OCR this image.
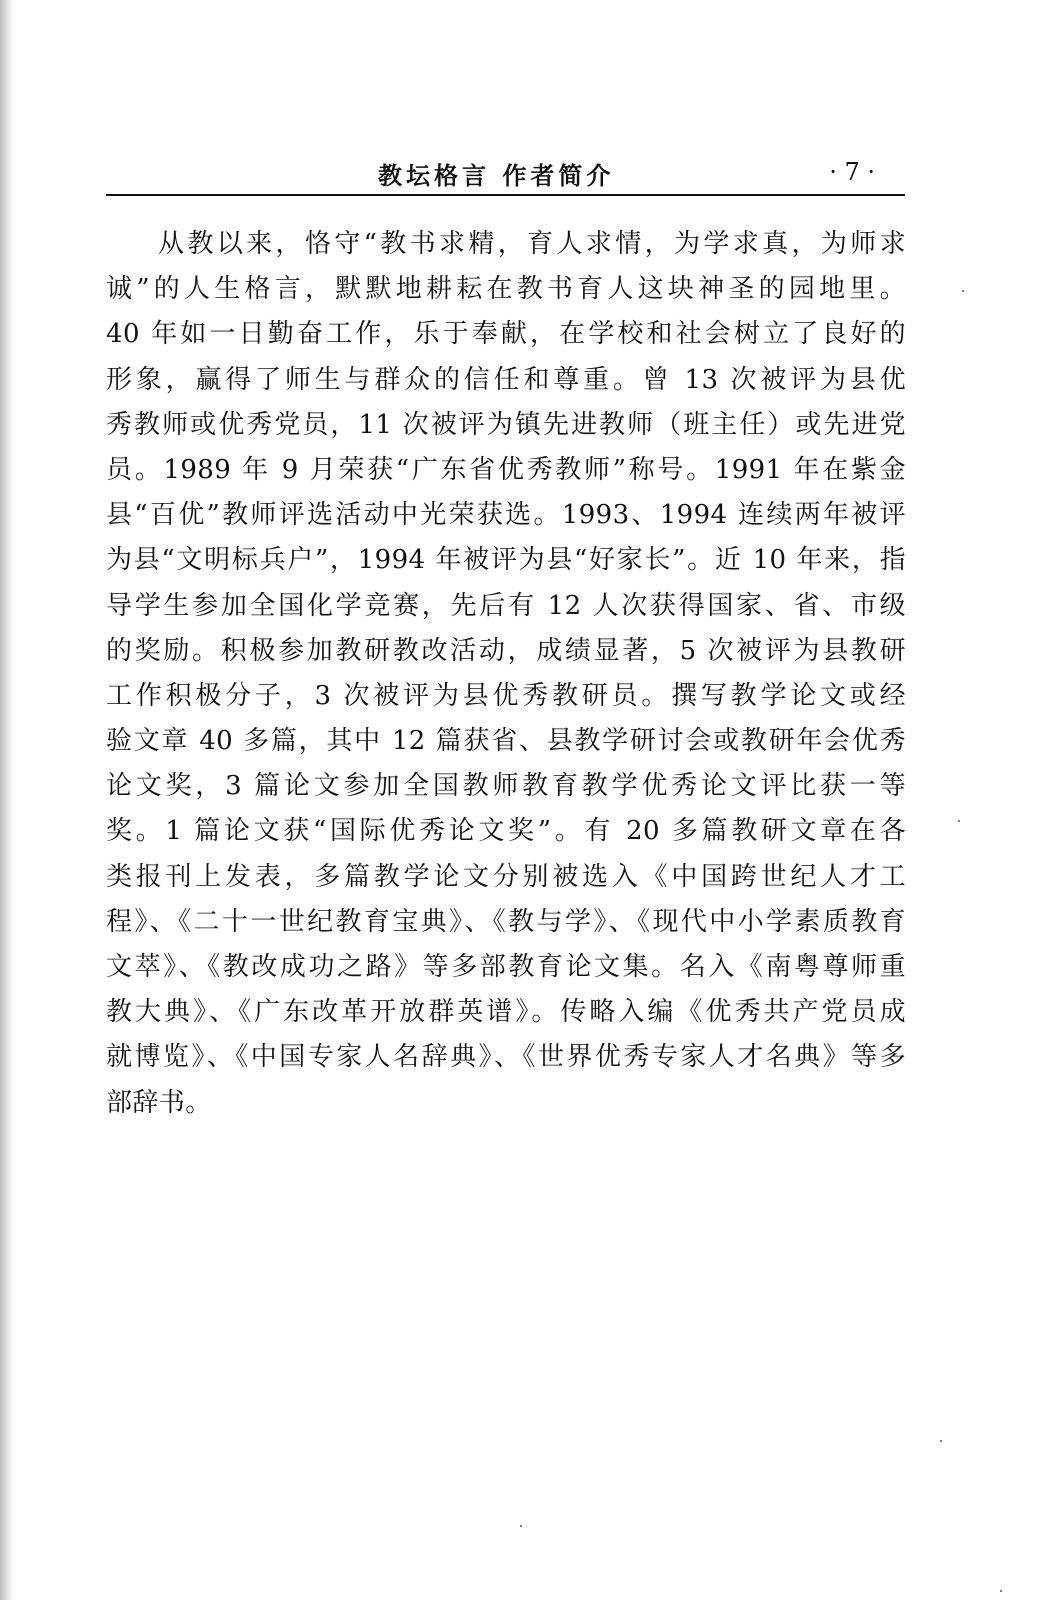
教坛格言 作者简介	· 7 ·
从教以来，恪守“教书求精，育人求情，为学求真，为师求
诚”的人生格言，默默地耕耘在教书育人这块神圣的园地里。
40 年如一日勤奋工作，乐于奉献，在学校和社会树立了良好的
形象，赢得了师生与群众的信任和尊重。曾 13 次被评为县优
秀教师或优秀党员，11 次被评为镇先进教师（班主任）或先进党
员。1989 年 9 月荣获“广东省优秀教师”称号。1991 年在紫金
县“百优”教师评选活动中光荣获选。1993、1994 连续两年被评
为县“文明标兵户”，1994 年被评为县“好家长”。近 10 年来，指
导学生参加全国化学竞赛，先后有 12 人次获得国家、省、市级
的奖励。积极参加教研教改活动，成绩显著，5 次被评为县教研
工作积极分子，3 次被评为县优秀教研员。撰写教学论文或经
验文章 40 多篇，其中 12 篇获省、县教学研讨会或教研年会优秀
论文奖，3 篇论文参加全国教师教育教学优秀论文评比获一等
奖。1 篇论文获“国际优秀论文奖”。有 20 多篇教研文章在各
类报刊上发表，多篇教学论文分别被选入《中国跨世纪人才工
程》、《二十一世纪教育宝典》、《教与学》、《现代中小学素质教育
文萃》、《教改成功之路》等多部教育论文集。名入《南粤尊师重
教大典》、《广东改革开放群英谱》。传略入编《优秀共产党员成
就博览》、《中国专家人名辞典》、《世界优秀专家人才名典》等多
部辞书。
